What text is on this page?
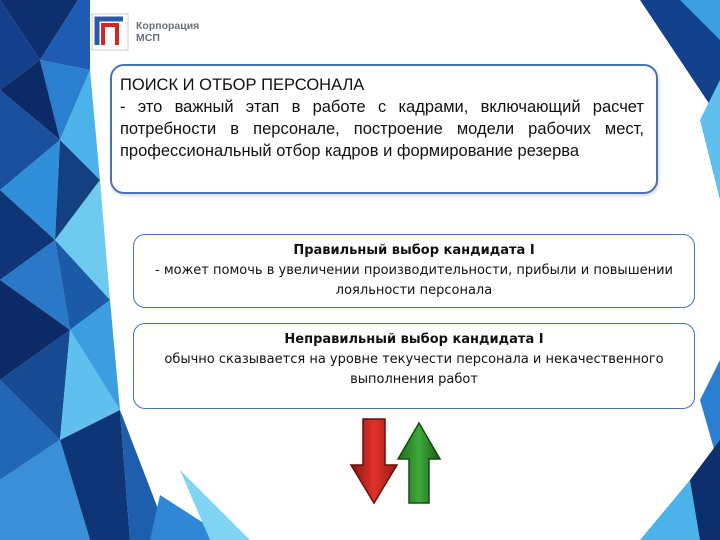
Корпорация
МСП
ПОИСК И ОТБОР ПЕРСОНАЛА
- это важный этап в работе с кадрами, включающий расчет потребности в персонале, построение модели рабочих мест, профессиональный отбор кадров и формирование резерва
Правильный выбор кандидата I
- может помочь в увеличении производительности, прибыли и повышении лояльности персонала
Неправильный выбор кандидата I
обычно сказывается на уровне текучести персонала и некачественного выполнения работ
